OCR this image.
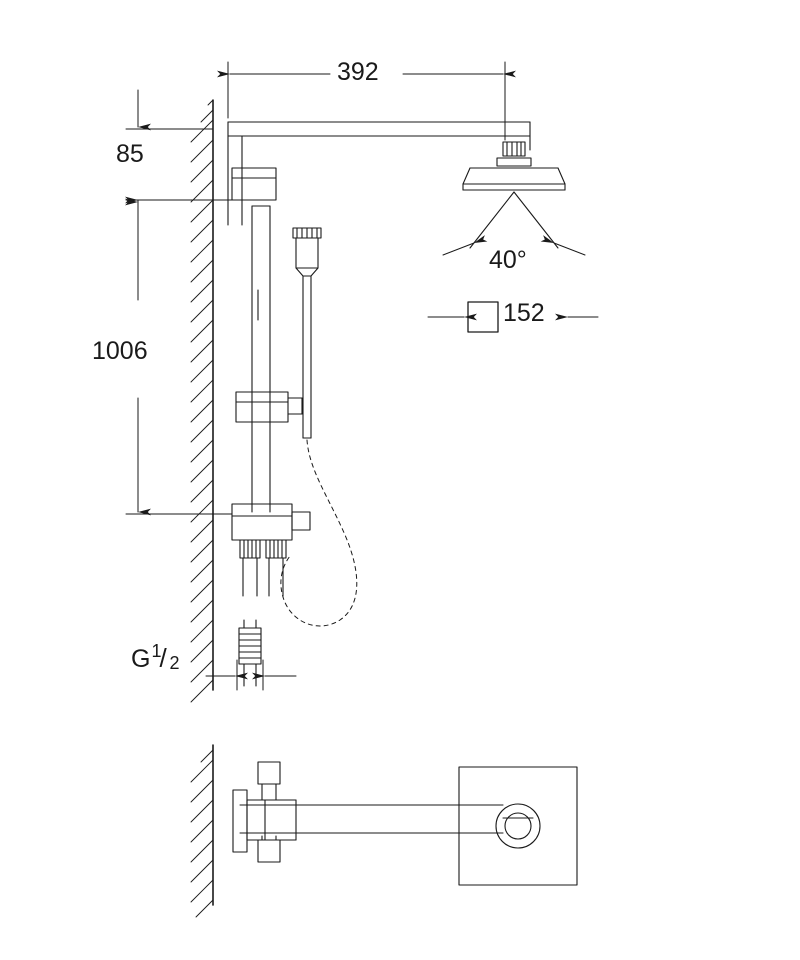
392
85
1006
40°
152
G 1
/ 2
